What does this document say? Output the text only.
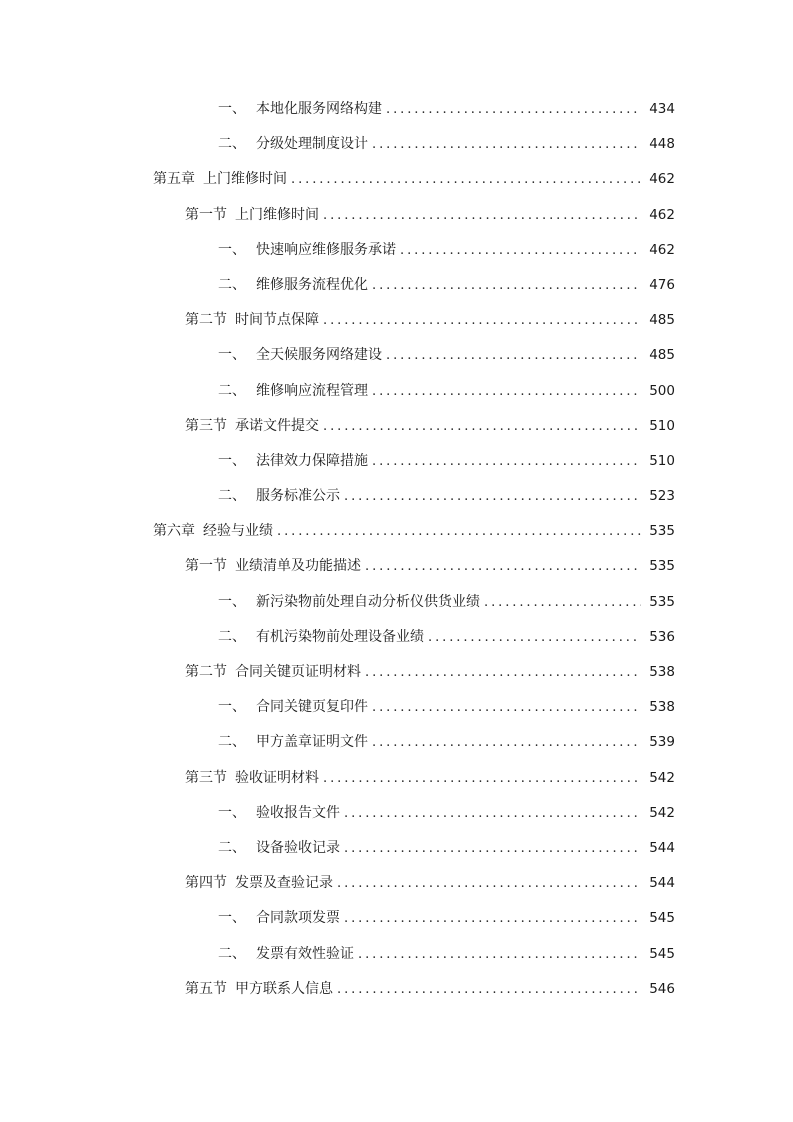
一、 本地化服务网络构建 . . .	434
二、 分级处理制度设计 . . .	448
第五章 上门维修时间 . . .	462
第一节 上门维修时间 . . .	462
一、 快速响应维修服务承诺 . . .	462
二、 维修服务流程优化 . . .	476
第二节 时间节点保障 . . .	485
一、 全天候服务网络建设 . . .	485
二、 维修响应流程管理 . . .	500
第三节 承诺文件提交 . . .	510
一、 法律效力保障措施 . . .	510
二、 服务标准公示 . . .	523
第六章 经验与业绩 . . .	535
第一节 业绩清单及功能描述 . . .	535
一、 新污染物前处理自动分析仪供货业绩 . . .	535
二、 有机污染物前处理设备业绩 . . .	536
第二节 合同关键页证明材料 . . .	538
一、 合同关键页复印件 . . .	538
二、 甲方盖章证明文件 . . .	539
第三节 验收证明材料 . . .	542
一、 验收报告文件 . . .	542
二、 设备验收记录 . . .	544
第四节 发票及查验记录 . . .	544
一、 合同款项发票 . . .	545
二、 发票有效性验证 . . .	545
第五节 甲方联系人信息 . . .	546
